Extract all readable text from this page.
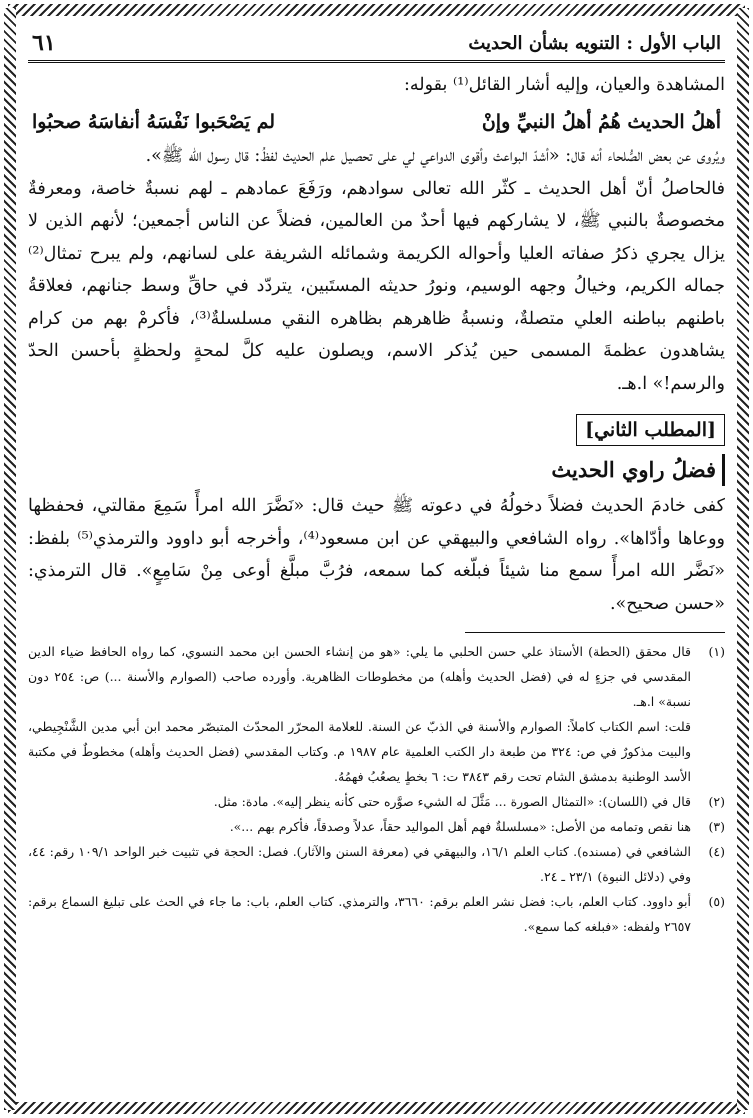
الباب الأول : التنويه بشأن الحديث
٦١

المشاهدة والعيان، وإليه أشار القائل⁽¹⁾ بقوله:

أهلُ الحديث هُمُ أهلُ النبيِّ وإنْ
لم يَصْحَبوا نَفْسَهُ أنفاسَهُ صحبُوا

ويُروى عن بعض الصُّلحاء أنه قال: «أشدّ البواعث وأقوى الدواعي لي على تحصيل علم الحديث لفظُ: قال رسول الله ﷺ».

فالحاصلُ أنّ أهل الحديث ـ كثّر الله تعالى سوادهم، ورَفَعَ عمادهم ـ لهم نسبةٌ خاصة، ومعرفةٌ مخصوصةٌ بالنبي ﷺ، لا يشاركهم فيها أحدٌ من العالمين، فضلاً عن الناس أجمعين؛ لأنهم الذين لا يزال يجري ذكرُ صفاته العليا وأحواله الكريمة وشمائله الشريفة على لسانهم، ولم يبرح تمثال⁽²⁾ جماله الكريم، وخيالُ وجهه الوسيم، ونورُ حديثه المستَبين، يتردّد في حاقِّ وسط جنانهم، فعلاقةُ باطنهم بباطنه العلي متصلةٌ، ونسبةُ ظاهرهم بظاهره النقي مسلسلةٌ⁽³⁾، فأكرمْ بهم من كرام يشاهدون عظمةَ المسمى حين يُذكر الاسم، ويصلون عليه كلَّ لمحةٍ ولحظةٍ بأحسن الحدّ والرسم!» ا.هـ.

[المطلب الثاني]
فضلُ راوي الحديث

كفى خادمَ الحديث فضلاً دخولُهُ في دعوته ﷺ حيث قال: «نَضَّرَ الله امرأً سَمِعَ مقالتي، فحفظها ووعاها وأدّاها». رواه الشافعي والبيهقي عن ابن مسعود⁽⁴⁾، وأخرجه أبو داوود والترمذي⁽⁵⁾ بلفظ: «نَضَّر الله امرأً سمع منا شيئاً فبلّغه كما سمعه، فرُبَّ مبلَّغ أوعى مِنْ سَامِعٍ». قال الترمذي: «حسن صحيح».

(١)
قال محقق (الحطة) الأستاذ علي حسن الحلبي ما يلي: «هو من إنشاء الحسن ابن محمد النسوي، كما رواه الحافظ ضياء الدين المقدسي في جزءٍ له في (فضل الحديث وأهله) من مخطوطات الظاهرية. وأورده صاحب (الصوارم والأسنة ...) ص: ٢٥٤ دون نسبة» ا.هـ.
قلت: اسم الكتاب كاملاً: الصوارم والأسنة في الذبّ عن السنة. للعلامة المحرّر المحدّث المتبصّر محمد ابن أبي مدين الشَّنْجِيطي، والبيت مذكورٌ في ص: ٣٢٤ من طبعة دار الكتب العلمية عام ١٩٨٧ م. وكتاب المقدسي (فضل الحديث وأهله) مخطوطٌ في مكتبة الأسد الوطنية بدمشق الشام تحت رقم ٣٨٤٣ ت: ٦ بخطٍ يصعُبُ فهمُهُ.
(٢)
قال في (اللسان): «التمثال الصورة ... مَثَّلَ له الشيء صوَّره حتى كأنه ينظر إليه». مادة: مثل.
(٣)
هنا نقص وتمامه من الأصل: «مسلسلةٌ فهم أهل المواليد حقاً، عدلاً وصدقاً، فأكرم بهم ...».
(٤)
الشافعي في (مسنده). كتاب العلم ١٦/١، والبيهقي في (معرفة السنن والآثار). فصل: الحجة في تثبيت خبر الواحد ١٠٩/١ رقم: ٤٤، وفي (دلائل النبوة) ٢٣/١ ـ ٢٤.
(٥)
أبو داوود. كتاب العلم، باب: فضل نشر العلم برقم: ٣٦٦٠، والترمذي. كتاب العلم، باب: ما جاء في الحث على تبليغ السماع برقم: ٢٦٥٧ ولفظه: «فبلغه كما سمع».
